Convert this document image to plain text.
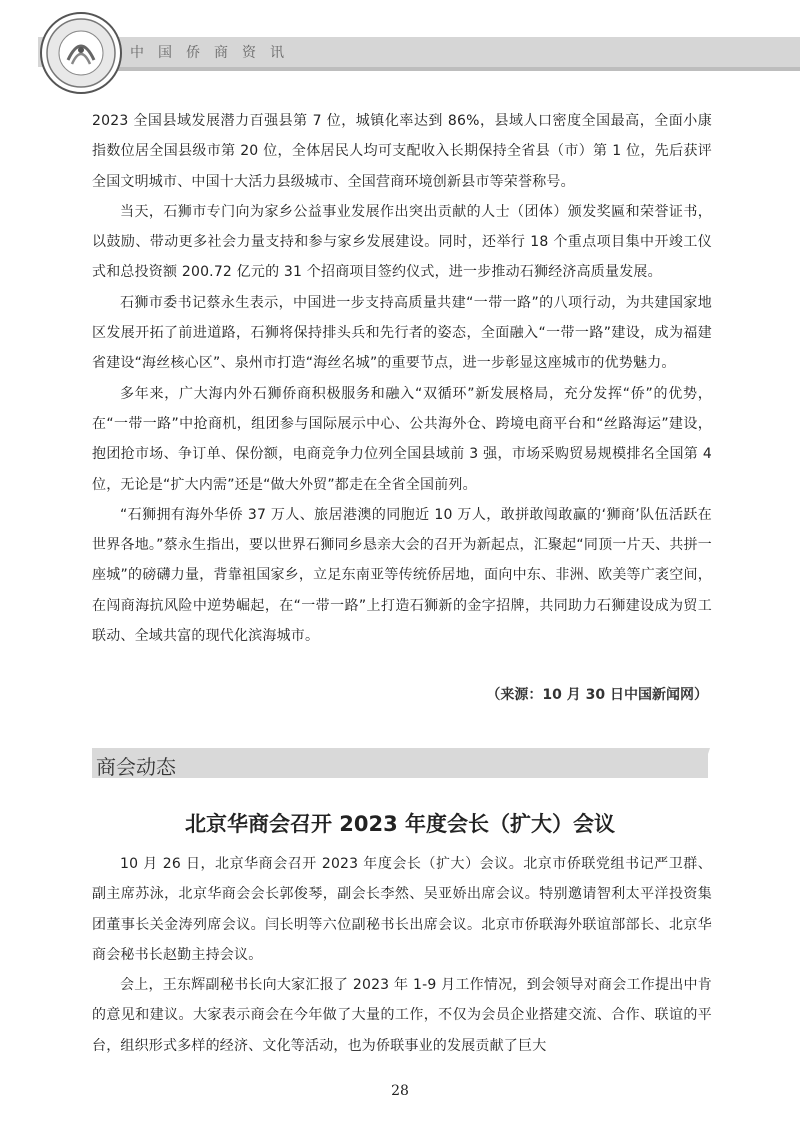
中国侨商资讯

2023 全国县域发展潜力百强县第 7 位，城镇化率达到 86%，县域人口密度全国最高，全面小康指数位居全国县级市第 20 位，全体居民人均可支配收入长期保持全省县（市）第 1 位，先后获评全国文明城市、中国十大活力县级城市、全国营商环境创新县市等荣誉称号。

当天，石狮市专门向为家乡公益事业发展作出突出贡献的人士（团体）颁发奖匾和荣誉证书，以鼓励、带动更多社会力量支持和参与家乡发展建设。同时，还举行 18 个重点项目集中开竣工仪式和总投资额 200.72 亿元的 31 个招商项目签约仪式，进一步推动石狮经济高质量发展。

石狮市委书记蔡永生表示，中国进一步支持高质量共建“一带一路”的八项行动，为共建国家地区发展开拓了前进道路，石狮将保持排头兵和先行者的姿态，全面融入“一带一路”建设，成为福建省建设“海丝核心区”、泉州市打造“海丝名城”的重要节点，进一步彰显这座城市的优势魅力。

多年来，广大海内外石狮侨商积极服务和融入“双循环”新发展格局，充分发挥“侨”的优势，在“一带一路”中抢商机，组团参与国际展示中心、公共海外仓、跨境电商平台和“丝路海运”建设，抱团抢市场、争订单、保份额，电商竞争力位列全国县域前 3 强，市场采购贸易规模排名全国第 4 位，无论是“扩大内需”还是“做大外贸”都走在全省全国前列。

“石狮拥有海外华侨 37 万人、旅居港澳的同胞近 10 万人，敢拼敢闯敢赢的‘狮商’队伍活跃在世界各地。”蔡永生指出，要以世界石狮同乡恳亲大会的召开为新起点，汇聚起“同顶一片天、共拼一座城”的磅礴力量，背靠祖国家乡，立足东南亚等传统侨居地，面向中东、非洲、欧美等广袤空间，在闯商海抗风险中逆势崛起，在“一带一路”上打造石狮新的金字招牌，共同助力石狮建设成为贸工联动、全域共富的现代化滨海城市。

（来源：10 月 30 日中国新闻网）
商会动态
北京华商会召开 2023 年度会长（扩大）会议

10 月 26 日，北京华商会召开 2023 年度会长（扩大）会议。北京市侨联党组书记严卫群、副主席苏泳，北京华商会会长郭俊琴，副会长李然、吴亚娇出席会议。特别邀请智利太平洋投资集团董事长关金涛列席会议。闫长明等六位副秘书长出席会议。北京市侨联海外联谊部部长、北京华商会秘书长赵勤主持会议。

会上，王东辉副秘书长向大家汇报了 2023 年 1-9 月工作情况，到会领导对商会工作提出中肯的意见和建议。大家表示商会在今年做了大量的工作，不仅为会员企业搭建交流、合作、联谊的平台，组织形式多样的经济、文化等活动，也为侨联事业的发展贡献了巨大

28
